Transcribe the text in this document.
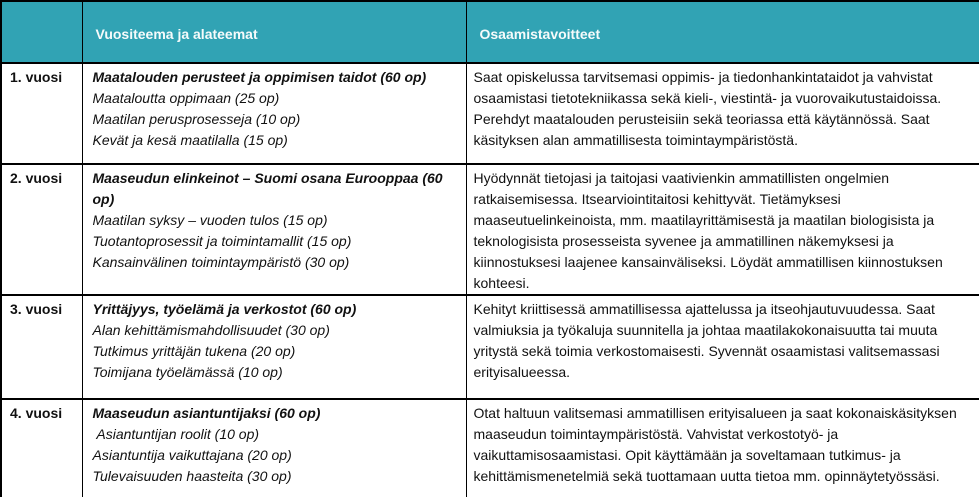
	Vuositeema ja alateemat	Osaamistavoitteet
1. vuosi	Maatalouden perusteet ja oppimisen taidot (60 op)
Maataloutta oppimaan (25 op)
Maatilan perusprosesseja (10 op)
Kevät ja kesä maatilalla (15 op)
	Saat opiskelussa tarvitsemasi oppimis- ja tiedonhankintataidot ja vahvistat osaamistasi tietotekniikassa sekä kieli-, viestintä- ja vuorovaikutustaidoissa. Perehdyt maatalouden perusteisiin sekä teoriassa että käytännössä. Saat käsityksen alan ammatillisesta toimintaympäristöstä.
2. vuosi	Maaseudun elinkeinot – Suomi osana Eurooppaa (60 op)
Maatilan syksy – vuoden tulos (15 op)
Tuotantoprosessit ja toimintamallit (15 op)
Kansainvälinen toimintaympäristö (30 op)
	Hyödynnät tietojasi ja taitojasi vaativienkin ammatillisten ongelmien ratkaisemisessa. Itsearviointitaitosi kehittyvät. Tietämyksesi maaseutuelinkeinoista, mm. maatilayrittämisestä ja maatilan biologisista ja teknologisista prosesseista syvenee ja ammatillinen näkemyksesi ja kiinnostuksesi laajenee kansainväliseksi. Löydät ammatillisen kiinnostuksen kohteesi.
3. vuosi	Yrittäjyys, työelämä ja verkostot (60 op)
Alan kehittämismahdollisuudet (30 op)
Tutkimus yrittäjän tukena (20 op)
Toimijana työelämässä (10 op)
	Kehityt kriittisessä ammatillisessa ajattelussa ja itseohjautuvuudessa. Saat valmiuksia ja työkaluja suunnitella ja johtaa maatilakokonaisuutta tai muuta yritystä sekä toimia verkostomaisesti. Syvennät osaamistasi valitsemassasi erityisalueessa.
4. vuosi	Maaseudun asiantuntijaksi (60 op)
Asiantuntijan roolit (10 op)
Asiantuntija vaikuttajana (20 op)
Tulevaisuuden haasteita (30 op)
	Otat haltuun valitsemasi ammatillisen erityisalueen ja saat kokonaiskäsityksen maaseudun toimintaympäristöstä. Vahvistat verkostotyö- ja vaikuttamisosaamistasi. Opit käyttämään ja soveltamaan tutkimus- ja kehittämismenetelmiä sekä tuottamaan uutta tietoa mm. opinnäytetyössäsi.
